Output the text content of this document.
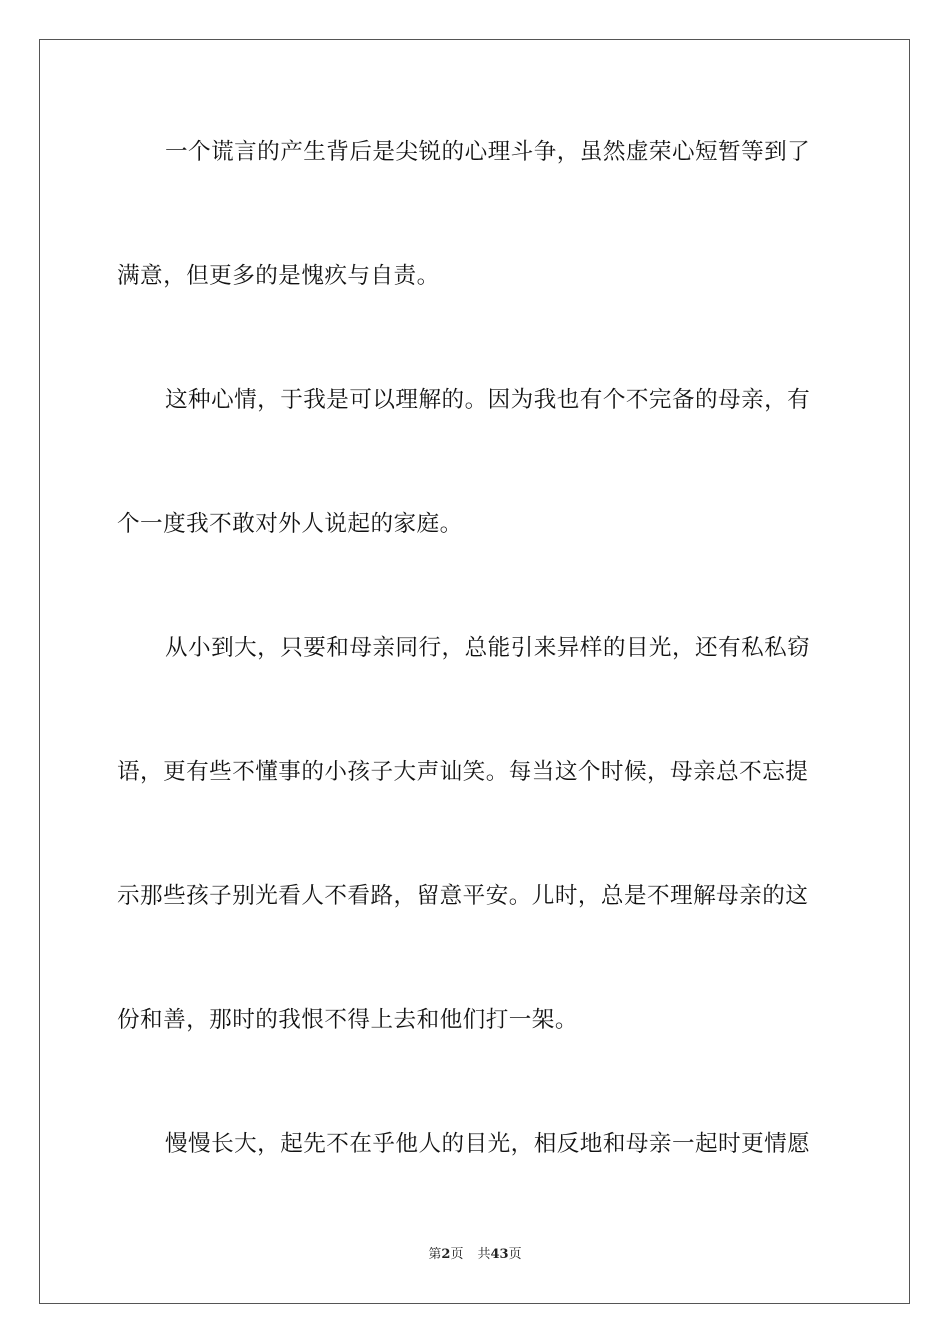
一个谎言的产生背后是尖锐的心理斗争，虽然虚荣心短暂等到了
满意，但更多的是愧疚与自责。
这种心情，于我是可以理解的。因为我也有个不完备的母亲，有
个一度我不敢对外人说起的家庭。
从小到大，只要和母亲同行，总能引来异样的目光，还有私私窃
语，更有些不懂事的小孩子大声讪笑。每当这个时候，母亲总不忘提
示那些孩子别光看人不看路，留意平安。儿时，总是不理解母亲的这
份和善，那时的我恨不得上去和他们打一架。
慢慢长大，起先不在乎他人的目光，相反地和母亲一起时更情愿
第2页 共43页
